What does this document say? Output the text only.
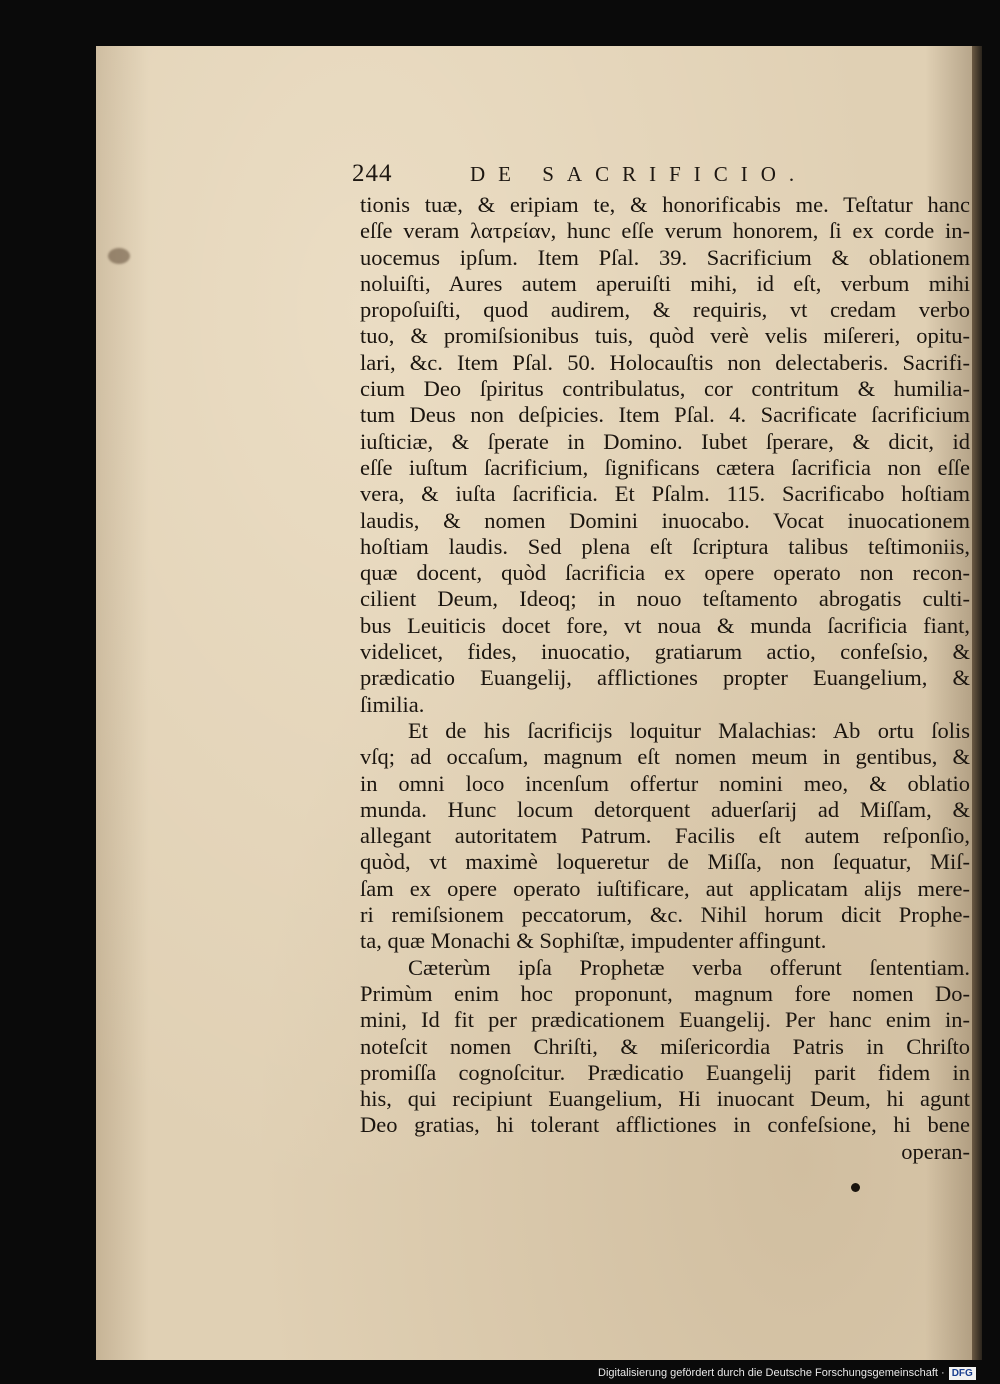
244	DE SACRIFICIO.
tionis tuæ, & eripiam te, & honorificabis me. Teſtatur hanc
eſſe veram λατρείαν, hunc eſſe verum honorem, ſi ex corde in-
uocemus ipſum. Item Pſal. 39. Sacrificium & oblationem
noluiſti, Aures autem aperuiſti mihi, id eſt, verbum mihi
propoſuiſti, quod audirem, & requiris, vt credam verbo
tuo, & promiſsionibus tuis, quòd verè velis miſereri, opitu-
lari, &c. Item Pſal. 50. Holocauſtis non delectaberis. Sacrifi-
cium Deo ſpiritus contribulatus, cor contritum & humilia-
tum Deus non deſpicies. Item Pſal. 4. Sacrificate ſacrificium
iuſticiæ, & ſperate in Domino. Iubet ſperare, & dicit, id
eſſe iuſtum ſacrificium, ſignificans cætera ſacrificia non eſſe
vera, & iuſta ſacrificia. Et Pſalm. 115. Sacrificabo hoſtiam
laudis, & nomen Domini inuocabo. Vocat inuocationem
hoſtiam laudis. Sed plena eſt ſcriptura talibus teſtimoniis,
quæ docent, quòd ſacrificia ex opere operato non recon-
cilient Deum, Ideoq; in nouo teſtamento abrogatis culti-
bus Leuiticis docet fore, vt noua & munda ſacrificia fiant,
videlicet, fides, inuocatio, gratiarum actio, confeſsio, &
prædicatio Euangelij, afflictiones propter Euangelium, &
ſimilia.
Et de his ſacrificijs loquitur Malachias: Ab ortu ſolis
vſq; ad occaſum, magnum eſt nomen meum in gentibus, &
in omni loco incenſum offertur nomini meo, & oblatio
munda. Hunc locum detorquent aduerſarij ad Miſſam, &
allegant autoritatem Patrum. Facilis eſt autem reſponſio,
quòd, vt maximè loqueretur de Miſſa, non ſequatur, Miſ-
ſam ex opere operato iuſtificare, aut applicatam alijs mere-
ri remiſsionem peccatorum, &c. Nihil horum dicit Prophe-
ta, quæ Monachi & Sophiſtæ, impudenter affingunt.
Cæterùm ipſa Prophetæ verba offerunt ſententiam.
Primùm enim hoc proponunt, magnum fore nomen Do-
mini, Id fit per prædicationem Euangelij. Per hanc enim in-
noteſcit nomen Chriſti, & miſericordia Patris in Chriſto
promiſſa cognoſcitur. Prædicatio Euangelij parit fidem in
his, qui recipiunt Euangelium, Hi inuocant Deum, hi agunt
Deo gratias, hi tolerant afflictiones in confeſsione, hi bene
operan-
Digitalisierung gefördert durch die Deutsche Forschungsgemeinschaft · DFG
